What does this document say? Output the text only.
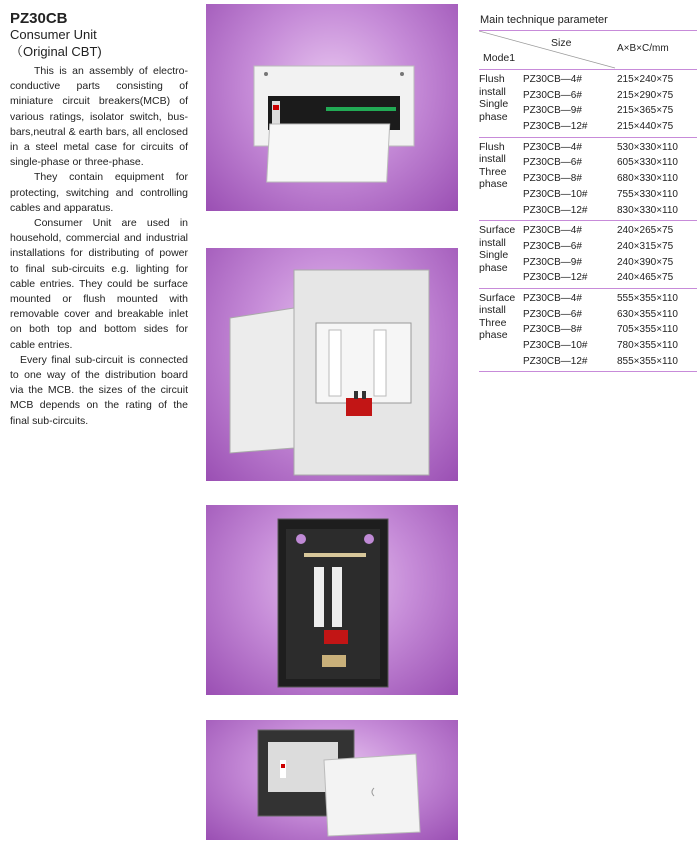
PZ30CB
Consumer Unit
（Original CBT)

This is an assembly of electro-conductive parts consisting of miniature circuit breakers(MCB) of various ratings, isolator switch, bus-bars,neutral & earth bars, all enclosed in a steel metal case for circuits of single-phase or three-phase.

They contain equipment for protecting, switching and controlling cables and apparatus.

Consumer Unit are used in household, commercial and industrial installations for distributing of power to final sub-circuits e.g. lighting for cable entries. They could be surface mounted or flush mounted with removable cover and breakable inlet on both top and bottom sides for cable entries.

Every final sub-circuit is connected to one way of the distribution board via the MCB. the sizes of the circuit MCB depends on the rating of the final sub-circuits.

Main technique parameter
Size
Mode1
A×B×C/mm
Flush
install
Single
phase
PZ30CB—4#	215×240×75
PZ30CB—6#	215×290×75
PZ30CB—9#	215×365×75
PZ30CB—12#	215×440×75
Flush
install
Three
phase
PZ30CB—4#	530×330×110
PZ30CB—6#	605×330×110
PZ30CB—8#	680×330×110
PZ30CB—10#	755×330×110
PZ30CB—12#	830×330×110
Surface
install
Single
phase
PZ30CB—4#	240×265×75
PZ30CB—6#	240×315×75
PZ30CB—9#	240×390×75
PZ30CB—12#	240×465×75
Surface
install
Three
phase
PZ30CB—4#	555×355×110
PZ30CB—6#	630×355×110
PZ30CB—8#	705×355×110
PZ30CB—10#	780×355×110
PZ30CB—12#	855×355×110
